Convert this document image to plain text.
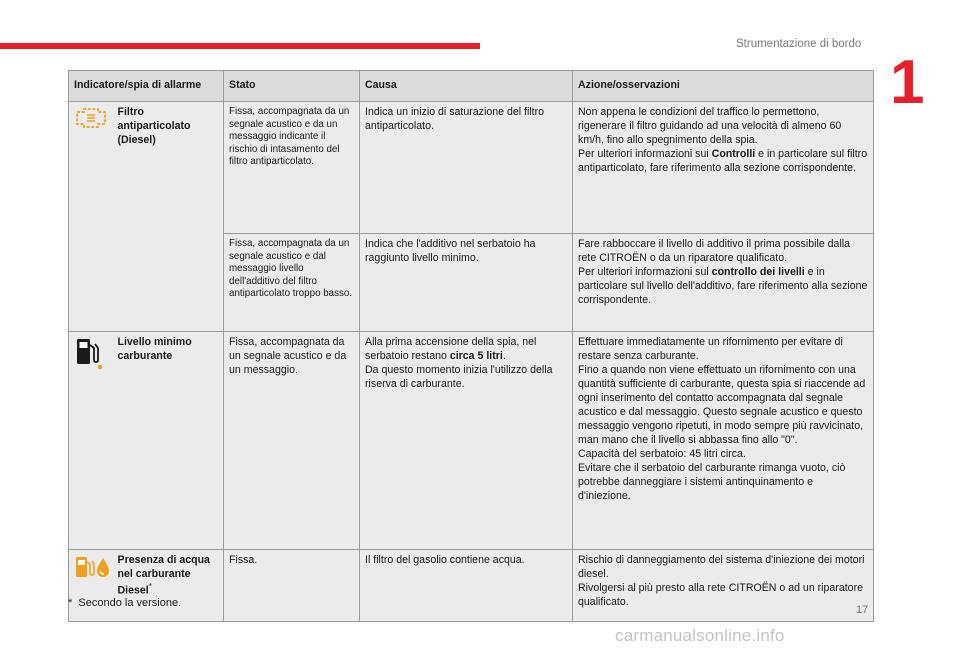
Strumentazione di bordo
1
Indicatore/spia di allarme		Stato	Causa	Azione/osservazioni
	Filtro antiparticolato (Diesel)	Fissa, accompagnata da un segnale acustico e da un messaggio indicante il rischio di intasamento del filtro antiparticolato.	Indica un inizio di saturazione del filtro antiparticolato.	Non appena le condizioni del traffico lo permettono, rigenerare il filtro guidando ad una velocità di almeno 60 km/h, fino allo spegnimento della spia.
Per ulteriori informazioni sui Controlli e in particolare sul filtro antiparticolato, fare riferimento alla sezione corrispondente.
		Fissa, accompagnata da un segnale acustico e dal messaggio livello dell'additivo del filtro antiparticolato troppo basso.	Indica che l'additivo nel serbatoio ha raggiunto livello minimo.	Fare rabboccare il livello di additivo il prima possibile dalla rete CITROËN o da un riparatore qualificato.
Per ulteriori informazioni sul controllo dei livelli e in particolare sul livello dell'additivo, fare riferimento alla sezione corrispondente.
	Livello minimo carburante	Fissa, accompagnata da un segnale acustico e da un messaggio.	Alla prima accensione della spia, nel serbatoio restano circa 5 litri.
Da questo momento inizia l'utilizzo della riserva di carburante.	Effettuare immediatamente un rifornimento per evitare di restare senza carburante.
Fino a quando non viene effettuato un rifornimento con una quantità sufficiente di carburante, questa spia si riaccende ad ogni inserimento del contatto accompagnata dal segnale acustico e dal messaggio. Questo segnale acustico e questo messaggio vengono ripetuti, in modo sempre più ravvicinato, man mano che il livello si abbassa fino allo "0".
Capacità del serbatoio: 45 litri circa.
Evitare che il serbatoio del carburante rimanga vuoto, ciò potrebbe danneggiare i sistemi antinquinamento e d'iniezione.
	Presenza di acqua nel carburante Diesel*	Fissa.	Il filtro del gasolio contiene acqua.	Rischio di danneggiamento del sistema d'iniezione dei motori diesel.
Rivolgersi al più presto alla rete CITROËN o ad un riparatore qualificato.
* Secondo la versione.
17
carmanualsonline.info
